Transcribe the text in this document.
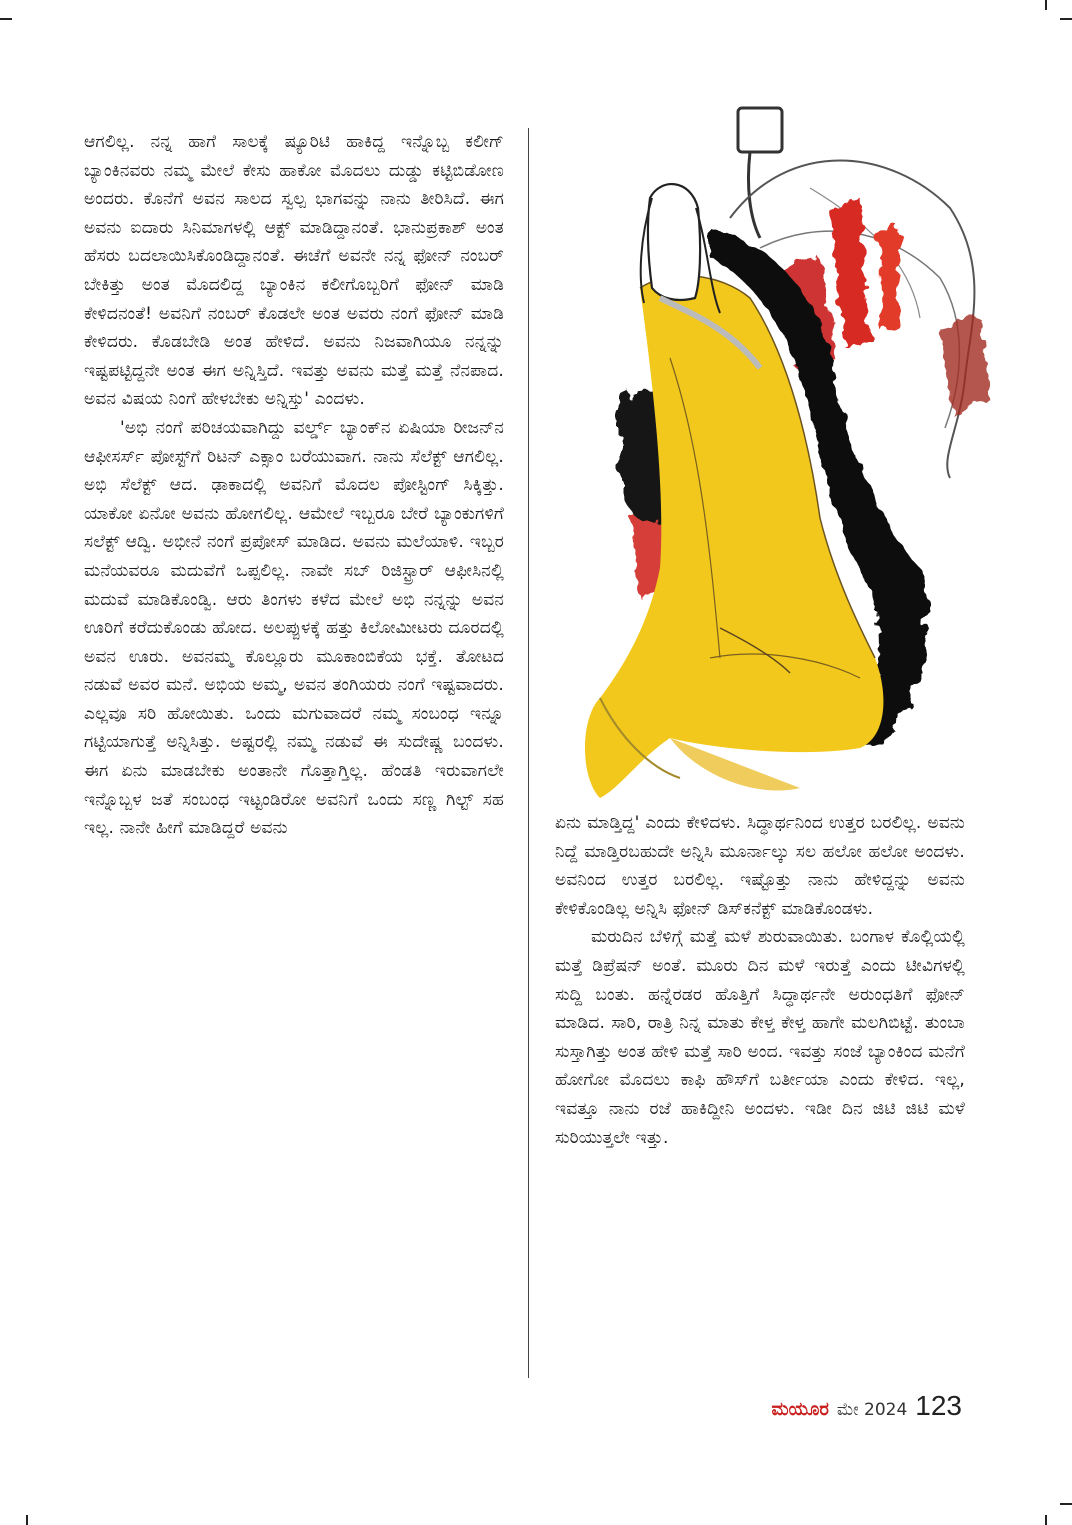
ಆಗಲಿಲ್ಲ. ನನ್ನ ಹಾಗೆ ಸಾಲಕ್ಕೆ ಷ್ಯೂರಿಟಿ ಹಾಕಿದ್ದ ಇನ್ನೊಬ್ಬ ಕಲೀಗ್ ಬ್ಯಾಂಕಿನವರು ನಮ್ಮ ಮೇಲೆ ಕೇಸು ಹಾಕೋ ಮೊದಲು ದುಡ್ಡು ಕಟ್ಟಿಬಿಡೋಣ ಅಂದರು. ಕೊನೆಗೆ ಅವನ ಸಾಲದ ಸ್ವಲ್ಪ ಭಾಗವನ್ನು ನಾನು ತೀರಿಸಿದೆ. ಈಗ ಅವನು ಐದಾರು ಸಿನಿಮಾಗಳಲ್ಲಿ ಆಕ್ಟ್ ಮಾಡಿದ್ದಾನಂತೆ. ಭಾನುಪ್ರಕಾಶ್ ಅಂತ ಹೆಸರು ಬದಲಾಯಿಸಿಕೊಂಡಿದ್ದಾನಂತೆ. ಈಚೆಗೆ ಅವನೇ ನನ್ನ ಫೋನ್ ನಂಬರ್ ಬೇಕಿತ್ತು ಅಂತ ಮೊದಲಿದ್ದ ಬ್ಯಾಂಕಿನ ಕಲೀಗೊಬ್ಬರಿಗೆ ಫೋನ್ ಮಾಡಿ ಕೇಳಿದನಂತೆ! ಅವನಿಗೆ ನಂಬರ್ ಕೊಡಲೇ ಅಂತ ಅವರು ನಂಗೆ ಫೋನ್ ಮಾಡಿ ಕೇಳಿದರು. ಕೊಡಬೇಡಿ ಅಂತ ಹೇಳಿದೆ. ಅವನು ನಿಜವಾಗಿಯೂ ನನ್ನನ್ನು ಇಷ್ಟಪಟ್ಟಿದ್ದನೇ ಅಂತ ಈಗ ಅನ್ನಿಸ್ತಿದೆ. ಇವತ್ತು ಅವನು ಮತ್ತೆ ಮತ್ತೆ ನೆನಪಾದ. ಅವನ ವಿಷಯ ನಿಂಗೆ ಹೇಳಬೇಕು ಅನ್ನಿಸ್ತು' ಎಂದಳು.

'ಅಭಿ ನಂಗೆ ಪರಿಚಯವಾಗಿದ್ದು ವರ್ಲ್ಡ್ ಬ್ಯಾಂಕ್‌ನ ಏಷಿಯಾ ರೀಜನ್‌ನ ಆಫೀಸರ್ಸ್ ಪೋಸ್ಟ್‌ಗೆ ರಿಟನ್ ಎಕ್ಸಾಂ ಬರೆಯುವಾಗ. ನಾನು ಸೆಲೆಕ್ಟ್ ಆಗಲಿಲ್ಲ. ಅಭಿ ಸೆಲೆಕ್ಟ್ ಆದ. ಢಾಕಾದಲ್ಲಿ ಅವನಿಗೆ ಮೊದಲ ಪೋಸ್ಟಿಂಗ್ ಸಿಕ್ಕಿತ್ತು. ಯಾಕೋ ಏನೋ ಅವನು ಹೋಗಲಿಲ್ಲ. ಆಮೇಲೆ ಇಬ್ಬರೂ ಬೇರೆ ಬ್ಯಾಂಕುಗಳಿಗೆ ಸಲೆಕ್ಟ್ ಆದ್ವಿ. ಅಭೀನೆ ನಂಗೆ ಪ್ರಪೋಸ್ ಮಾಡಿದ. ಅವನು ಮಲೆಯಾಳಿ. ಇಬ್ಬರ ಮನೆಯವರೂ ಮದುವೆಗೆ ಒಪ್ಪಲಿಲ್ಲ. ನಾವೇ ಸಬ್ ರಿಜಿಸ್ಟ್ರಾರ್ ಆಫೀಸಿನಲ್ಲಿ ಮದುವೆ ಮಾಡಿಕೊಂಡ್ವಿ. ಆರು ತಿಂಗಳು ಕಳೆದ ಮೇಲೆ ಅಭಿ ನನ್ನನ್ನು ಅವನ ಊರಿಗೆ ಕರೆದುಕೊಂಡು ಹೋದ. ಅಲಪ್ಪುಳಕ್ಕೆ ಹತ್ತು ಕಿಲೋಮೀಟರು ದೂರದಲ್ಲಿ ಅವನ ಊರು. ಅವನಮ್ಮ ಕೊಲ್ಲೂರು ಮೂಕಾಂಬಿಕೆಯ ಭಕ್ತೆ. ತೋಟದ ನಡುವೆ ಅವರ ಮನೆ. ಅಭಿಯ ಅಮ್ಮ, ಅವನ ತಂಗಿಯರು ನಂಗೆ ಇಷ್ಟವಾದರು. ಎಲ್ಲವೂ ಸರಿ ಹೋಯಿತು. ಒಂದು ಮಗುವಾದರೆ ನಮ್ಮ ಸಂಬಂಧ ಇನ್ನೂ ಗಟ್ಟಿಯಾಗುತ್ತೆ ಅನ್ನಿಸಿತ್ತು. ಅಷ್ಟರಲ್ಲಿ ನಮ್ಮ ನಡುವೆ ಈ ಸುದೇಷ್ಣ ಬಂದಳು. ಈಗ ಏನು ಮಾಡಬೇಕು ಅಂತಾನೇ ಗೊತ್ತಾಗ್ತಿಲ್ಲ. ಹೆಂಡತಿ ಇರುವಾಗಲೇ ಇನ್ನೊಬ್ಬಳ ಜತೆ ಸಂಬಂಧ ಇಟ್ಟಂಡಿರೋ ಅವನಿಗೆ ಒಂದು ಸಣ್ಣ ಗಿಲ್ಟ್ ಸಹ ಇಲ್ಲ. ನಾನೇ ಹೀಗೆ ಮಾಡಿದ್ದರೆ ಅವನು	ಏನು ಮಾಡ್ತಿದ್ದ' ಎಂದು ಕೇಳಿದಳು. ಸಿದ್ಧಾರ್ಥನಿಂದ ಉತ್ತರ ಬರಲಿಲ್ಲ. ಅವನು ನಿದ್ದೆ ಮಾಡ್ತಿರಬಹುದೇ ಅನ್ನಿಸಿ ಮೂರ್ನಾಲ್ಕು ಸಲ ಹಲೋ ಹಲೋ ಅಂದಳು. ಅವನಿಂದ ಉತ್ತರ ಬರಲಿಲ್ಲ. ಇಷ್ಟೊತ್ತು ನಾನು ಹೇಳಿದ್ದನ್ನು ಅವನು ಕೇಳಿಕೊಂಡಿಲ್ಲ ಅನ್ನಿಸಿ ಫೋನ್ ಡಿಸ್‌ಕನೆಕ್ಟ್ ಮಾಡಿಕೊಂಡಳು.

ಮರುದಿನ ಬೆಳಿಗ್ಗೆ ಮತ್ತೆ ಮಳೆ ಶುರುವಾಯಿತು. ಬಂಗಾಳ ಕೊಲ್ಲಿಯಲ್ಲಿ ಮತ್ತೆ ಡಿಪ್ರೆಷನ್ ಅಂತೆ. ಮೂರು ದಿನ ಮಳೆ ಇರುತ್ತೆ ಎಂದು ಟೀವಿಗಳಲ್ಲಿ ಸುದ್ದಿ ಬಂತು. ಹನ್ನೆರಡರ ಹೊತ್ತಿಗೆ ಸಿದ್ಧಾರ್ಥನೇ ಅರುಂಧತಿಗೆ ಫೋನ್ ಮಾಡಿದ. ಸಾರಿ, ರಾತ್ರಿ ನಿನ್ನ ಮಾತು ಕೇಳ್ತ ಕೇಳ್ತ ಹಾಗೇ ಮಲಗಿಬಿಟ್ಟೆ. ತುಂಬಾ ಸುಸ್ತಾಗಿತ್ತು ಅಂತ ಹೇಳಿ ಮತ್ತೆ ಸಾರಿ ಅಂದ. ಇವತ್ತು ಸಂಜೆ ಬ್ಯಾಂಕಿಂದ ಮನೆಗೆ ಹೋಗೋ ಮೊದಲು ಕಾಫಿ ಹೌಸ್‌ಗೆ ಬರ್ತೀಯಾ ಎಂದು ಕೇಳಿದ. ಇಲ್ಲ, ಇವತ್ತೂ ನಾನು ರಜೆ ಹಾಕಿದ್ದೀನಿ ಅಂದಳು. ಇಡೀ ದಿನ ಜಿಟಿ ಜಿಟಿ ಮಳೆ ಸುರಿಯುತ್ತಲೇ ಇತ್ತು.

ಮಯೂರ ಮೇ 2024 123
